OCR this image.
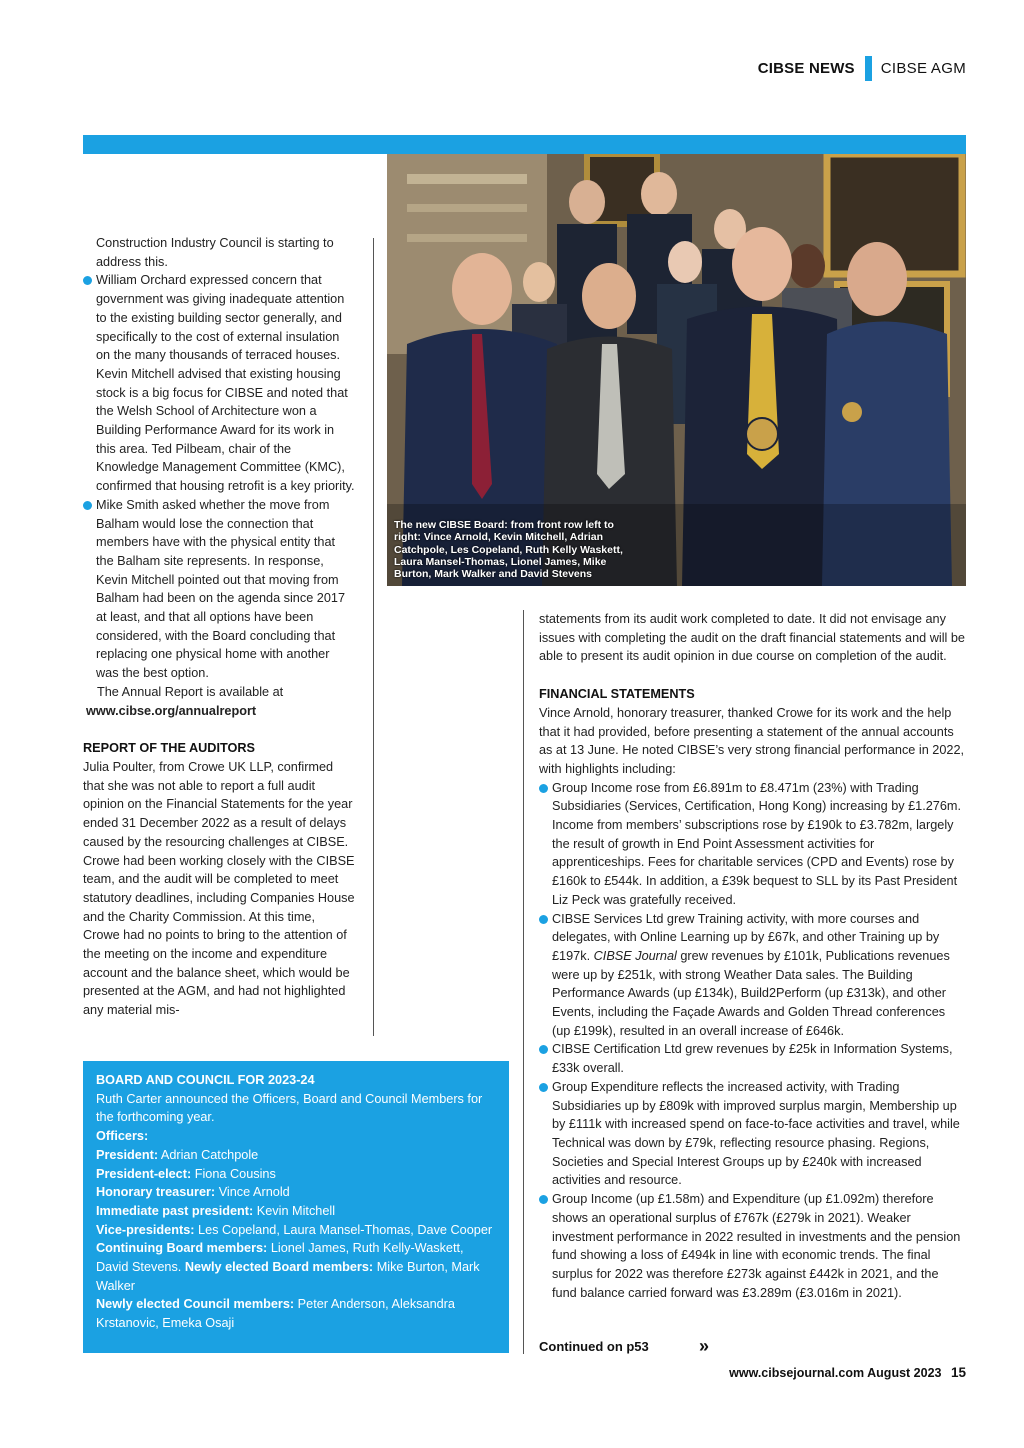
CIBSE NEWS CIBSE AGM
The new CIBSE Board: from front row left to right: Vince Arnold, Kevin Mitchell, Adrian Catchpole, Les Copeland, Ruth Kelly Waskett, Laura Mansel-Thomas, Lionel James, Mike Burton, Mark Walker and David Stevens

Construction Industry Council is starting to address this.

William Orchard expressed concern that government was giving inadequate attention to the existing building sector generally, and specifically to the cost of external insulation on the many thousands of terraced houses. Kevin Mitchell advised that existing housing stock is a big focus for CIBSE and noted that the Welsh School of Architecture won a Building Performance Award for its work in this area. Ted Pilbeam, chair of the Knowledge Management Committee (KMC), confirmed that housing retrofit is a key priority.

Mike Smith asked whether the move from Balham would lose the connection that members have with the physical entity that the Balham site represents. In response, Kevin Mitchell pointed out that moving from Balham had been on the agenda since 2017 at least, and that all options have been considered, with the Board concluding that replacing one physical home with another was the best option.

The Annual Report is available at

www.cibse.org/annualreport

REPORT OF THE AUDITORS

Julia Poulter, from Crowe UK LLP, confirmed that she was not able to report a full audit opinion on the Financial Statements for the year ended 31 December 2022 as a result of delays caused by the resourcing challenges at CIBSE. Crowe had been working closely with the CIBSE team, and the audit will be completed to meet statutory deadlines, including Companies House and the Charity Commission. At this time, Crowe had no points to bring to the attention of the meeting on the income and expenditure account and the balance sheet, which would be presented at the AGM, and had not highlighted any material mis-

BOARD AND COUNCIL FOR 2023-24

Ruth Carter announced the Officers, Board and Council Members for the forthcoming year.

Officers:

President: Adrian Catchpole

President-elect: Fiona Cousins

Honorary treasurer: Vince Arnold

Immediate past president: Kevin Mitchell

Vice-presidents: Les Copeland, Laura Mansel-Thomas, Dave Cooper

Continuing Board members: Lionel James, Ruth Kelly-Waskett, David Stevens. Newly elected Board members: Mike Burton, Mark Walker

Newly elected Council members: Peter Anderson, Aleksandra Krstanovic, Emeka Osaji

statements from its audit work completed to date. It did not envisage any issues with completing the audit on the draft financial statements and will be able to present its audit opinion in due course on completion of the audit.

FINANCIAL STATEMENTS

Vince Arnold, honorary treasurer, thanked Crowe for its work and the help that it had provided, before presenting a statement of the annual accounts as at 13 June. He noted CIBSE’s very strong financial performance in 2022, with highlights including:

Group Income rose from £6.891m to £8.471m (23%) with Trading Subsidiaries (Services, Certification, Hong Kong) increasing by £1.276m. Income from members’ subscriptions rose by £190k to £3.782m, largely the result of growth in End Point Assessment activities for apprenticeships. Fees for charitable services (CPD and Events) rose by £160k to £544k. In addition, a £39k bequest to SLL by its Past President Liz Peck was gratefully received.

CIBSE Services Ltd grew Training activity, with more courses and delegates, with Online Learning up by £67k, and other Training up by £197k. CIBSE Journal grew revenues by £101k, Publications revenues were up by £251k, with strong Weather Data sales. The Building Performance Awards (up £134k), Build2Perform (up £313k), and other Events, including the Façade Awards and Golden Thread conferences (up £199k), resulted in an overall increase of £646k.

CIBSE Certification Ltd grew revenues by £25k in Information Systems, £33k overall.

Group Expenditure reflects the increased activity, with Trading Subsidiaries up by £809k with improved surplus margin, Membership up by £111k with increased spend on face-to-face activities and travel, while Technical was down by £79k, reflecting resource phasing. Regions, Societies and Special Interest Groups up by £240k with increased activities and resource.

Group Income (up £1.58m) and Expenditure (up £1.092m) therefore shows an operational surplus of £767k (£279k in 2021). Weaker investment performance in 2022 resulted in investments and the pension fund showing a loss of £494k in line with economic trends. The final surplus for 2022 was therefore £273k against £442k in 2021, and the fund balance carried forward was £3.289m (£3.016m in 2021).

Continued on p53	»
www.cibsejournal.com August 2023 15
